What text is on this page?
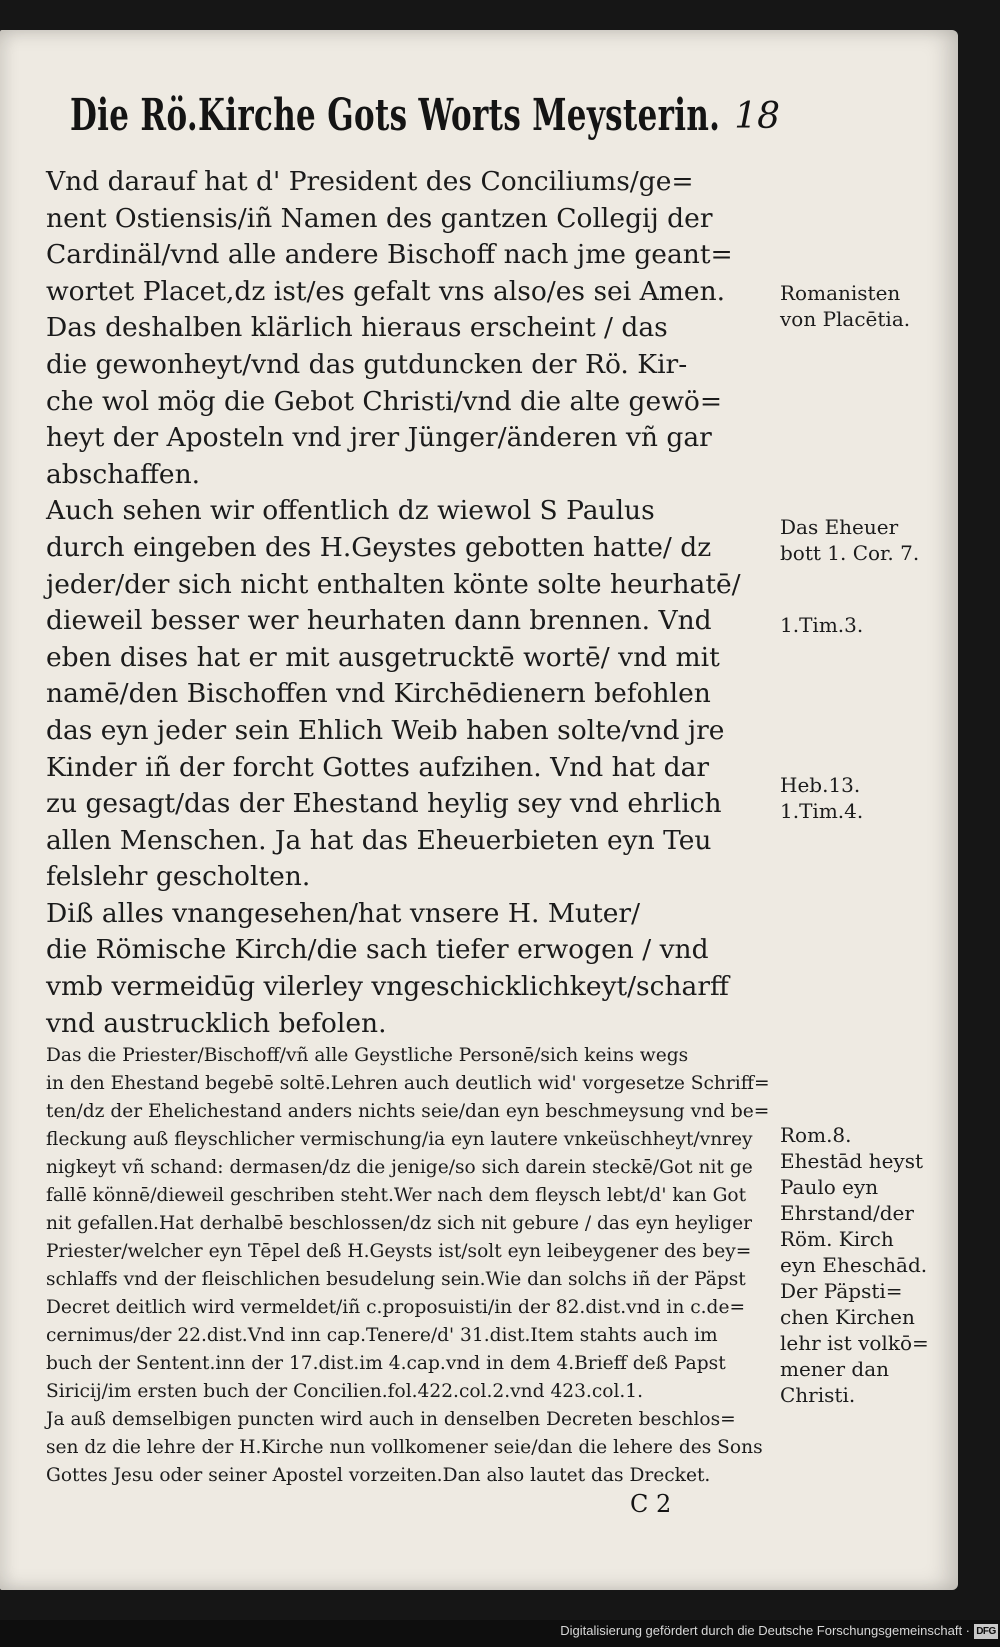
Die Rö.Kirche Gots Worts Meysterin. 18

Vnd darauf hat d' President des Conciliums/ge=
nent Ostiensis/iñ Namen des gantzen Collegij der
Cardinäl/vnd alle andere Bischoff nach jme geant=
wortet Placet,dz ist/es gefalt vns also/es sei Amen.

Das deshalben klärlich hieraus erscheint / das
die gewonheyt/vnd das gutduncken der Rö. Kir-
che wol mög die Gebot Christi/vnd die alte gewö=
heyt der Aposteln vnd jrer Jünger/änderen vñ gar
abschaffen.

Auch sehen wir offentlich dz wiewol S Paulus
durch eingeben des H.Geystes gebotten hatte/ dz
jeder/der sich nicht enthalten könte solte heurhatē/
dieweil besser wer heurhaten dann brennen. Vnd
eben dises hat er mit ausgetrucktē wortē/ vnd mit
namē/den Bischoffen vnd Kirchēdienern befohlen
das eyn jeder sein Ehlich Weib haben solte/vnd jre
Kinder iñ der forcht Gottes aufzihen. Vnd hat dar
zu gesagt/das der Ehestand heylig sey vnd ehrlich
allen Menschen. Ja hat das Eheuerbieten eyn Teu
felslehr gescholten.

Diß alles vnangesehen/hat vnsere H. Muter/
die Römische Kirch/die sach tiefer erwogen / vnd
vmb vermeidūg vilerley vngeschicklichkeyt/scharff
vnd austrucklich befolen.

Das die Priester/Bischoff/vñ alle Geystliche Personē/sich keins wegs
in den Ehestand begebē soltē.Lehren auch deutlich wid' vorgesetze Schriff=
ten/dz der Ehelichestand anders nichts seie/dan eyn beschmeysung vnd be=
fleckung auß fleyschlicher vermischung/ia eyn lautere vnkeüschheyt/vnrey
nigkeyt vñ schand: dermasen/dz die jenige/so sich darein steckē/Got nit ge
fallē könnē/dieweil geschriben steht.Wer nach dem fleysch lebt/d' kan Got
nit gefallen.Hat derhalbē beschlossen/dz sich nit gebure / das eyn heyliger
Priester/welcher eyn Tēpel deß H.Geysts ist/solt eyn leibeygener des bey=
schlaffs vnd der fleischlichen besudelung sein.Wie dan solchs iñ der Päpst
Decret deitlich wird vermeldet/iñ c.proposuisti/in der 82.dist.vnd in c.de=
cernimus/der 22.dist.Vnd inn cap.Tenere/d' 31.dist.Item stahts auch im
buch der Sentent.inn der 17.dist.im 4.cap.vnd in dem 4.Brieff deß Papst
Siricij/im ersten buch der Concilien.fol.422.col.2.vnd 423.col.1.

Ja auß demselbigen puncten wird auch in denselben Decreten beschlos=
sen dz die lehre der H.Kirche nun vollkomener seie/dan die lehere des Sons
Gottes Jesu oder seiner Apostel vorzeiten.Dan also lautet das Drecket.

Romanisten
von Placētia.
Das Eheuer
bott 1. Cor. 7.
1.Tim.3.
Heb.13.
1.Tim.4.
Rom.8.
Ehestād heyst
Paulo eyn
Ehrstand/der
Röm. Kirch
eyn Eheschād.
Der Päpsti=
chen Kirchen
lehr ist volkō=
mener dan
Christi.
C 2
Digitalisierung gefördert durch die Deutsche Forschungsgemeinschaft · DFG
